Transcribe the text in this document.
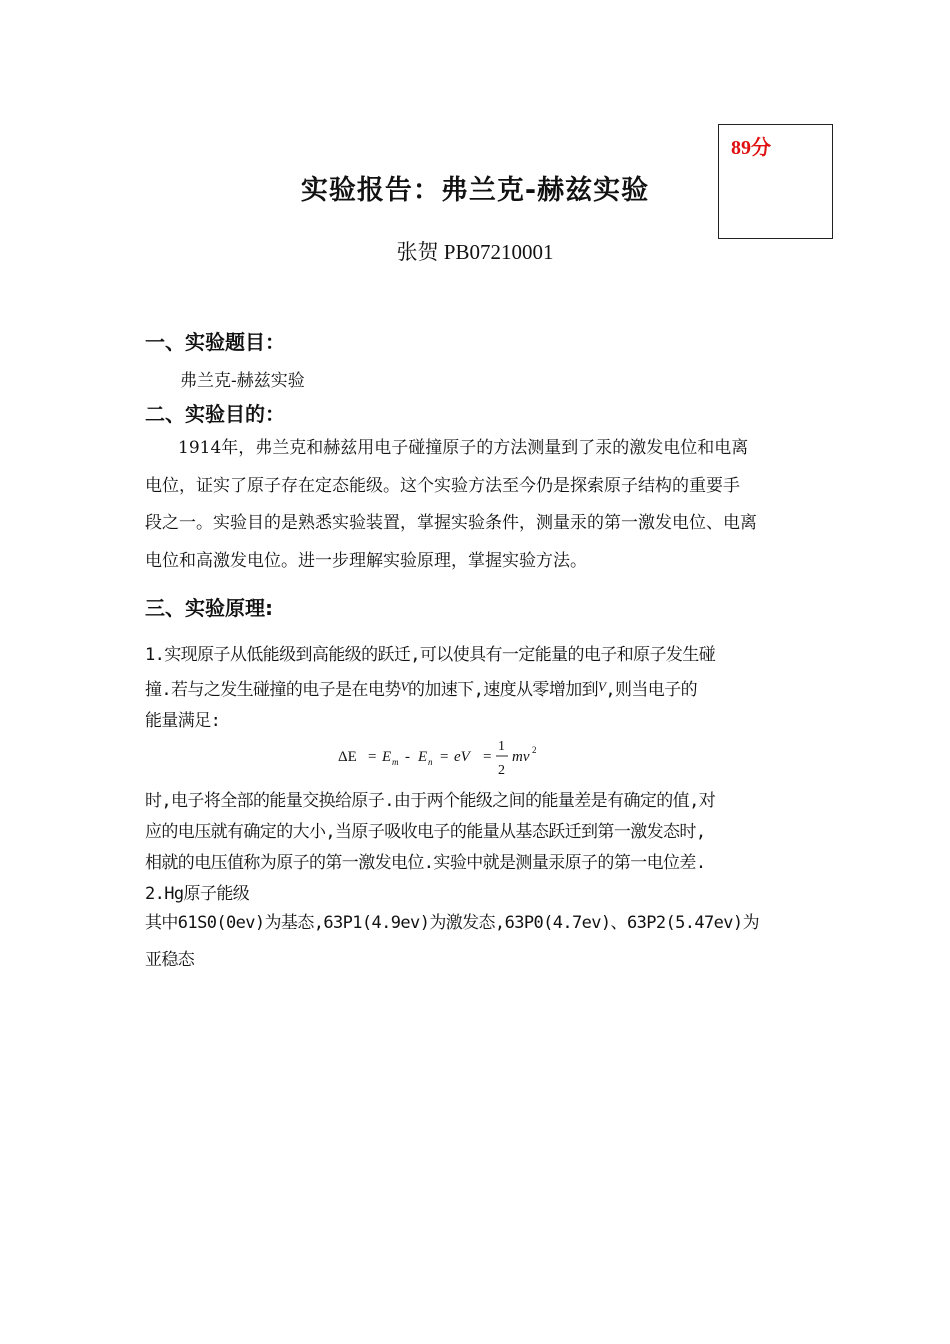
89分
实验报告：弗兰克-赫兹实验
张贺 PB07210001
一、实验题目：
弗兰克-赫兹实验
二、实验目的：
1914年，弗兰克和赫兹用电子碰撞原子的方法测量到了汞的激发电位和电离
电位，证实了原子存在定态能级。这个实验方法至今仍是探索原子结构的重要手
段之一。实验目的是熟悉实验装置，掌握实验条件，测量汞的第一激发电位、电离
电位和高激发电位。进一步理解实验原理，掌握实验方法。
三、实验原理:
1.实现原子从低能级到高能级的跃迁,可以使具有一定能量的电子和原子发生碰
撞.若与之发生碰撞的电子是在电势$^V$的加速下,速度从零增加到$^V$,则当电子的
能量满足:
ΔE = E m - E n = eV =
1
2
mv 2
时,电子将全部的能量交换给原子.由于两个能级之间的能量差是有确定的值,对
应的电压就有确定的大小,当原子吸收电子的能量从基态跃迁到第一激发态时,
相就的电压值称为原子的第一激发电位.实验中就是测量汞原子的第一电位差.
2.Hg原子能级
其中61S0(0ev)为基态,63P1(4.9ev)为激发态,63P0(4.7ev)、63P2(5.47ev)为
亚稳态
